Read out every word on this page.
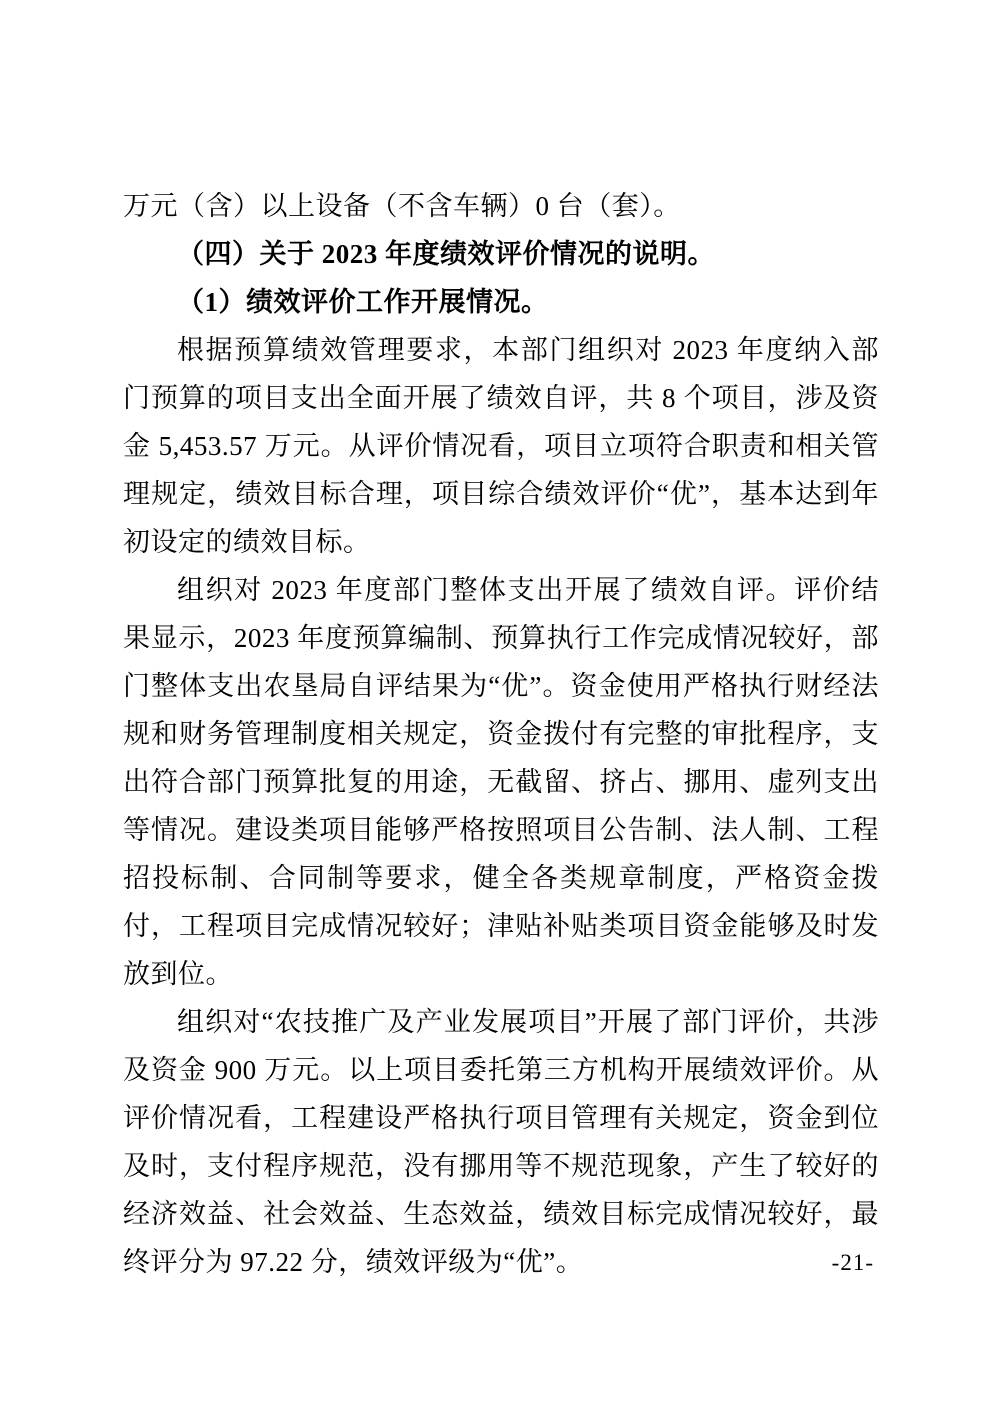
万元（含）以上设备（不含车辆）0 台（套）。

（四）关于 2023 年度绩效评价情况的说明。

（1）绩效评价工作开展情况。

根据预算绩效管理要求，本部门组织对 2023 年度纳入部门预算的项目支出全面开展了绩效自评，共 8 个项目，涉及资金 5,453.57 万元。从评价情况看，项目立项符合职责和相关管理规定，绩效目标合理，项目综合绩效评价“优”，基本达到年初设定的绩效目标。

组织对 2023 年度部门整体支出开展了绩效自评。评价结果显示，2023 年度预算编制、预算执行工作完成情况较好，部门整体支出农垦局自评结果为“优”。资金使用严格执行财经法规和财务管理制度相关规定，资金拨付有完整的审批程序，支出符合部门预算批复的用途，无截留、挤占、挪用、虚列支出等情况。建设类项目能够严格按照项目公告制、法人制、工程招投标制、合同制等要求，健全各类规章制度，严格资金拨付，工程项目完成情况较好；津贴补贴类项目资金能够及时发放到位。

组织对“农技推广及产业发展项目”开展了部门评价，共涉及资金 900 万元。以上项目委托第三方机构开展绩效评价。从评价情况看，工程建设严格执行项目管理有关规定，资金到位及时，支付程序规范，没有挪用等不规范现象，产生了较好的经济效益、社会效益、生态效益，绩效目标完成情况较好，最终评分为 97.22 分，绩效评级为“优”。	-21-
